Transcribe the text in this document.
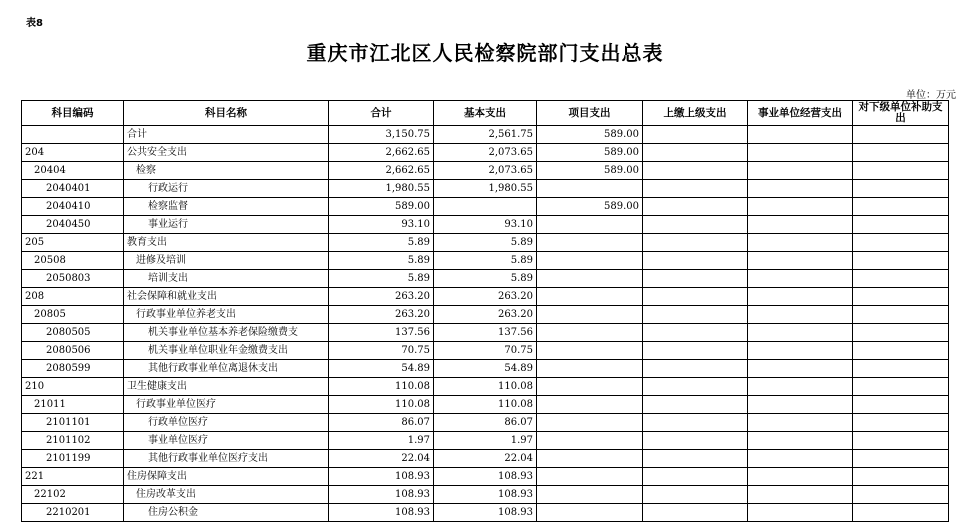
表8
重庆市江北区人民检察院部门支出总表
单位：万元
科目编码	科目名称	合计	基本支出	项目支出	上缴上级支出	事业单位经营支出	对下级单位补助支出
	合计	3,150.75	2,561.75	589.00			
204	公共安全支出	2,662.65	2,073.65	589.00			
20404	检察	2,662.65	2,073.65	589.00			
2040401	行政运行	1,980.55	1,980.55				
2040410	检察监督	589.00		589.00			
2040450	事业运行	93.10	93.10				
205	教育支出	5.89	5.89				
20508	进修及培训	5.89	5.89				
2050803	培训支出	5.89	5.89				
208	社会保障和就业支出	263.20	263.20				
20805	行政事业单位养老支出	263.20	263.20				
2080505	机关事业单位基本养老保险缴费支	137.56	137.56				
2080506	机关事业单位职业年金缴费支出	70.75	70.75				
2080599	其他行政事业单位离退休支出	54.89	54.89				
210	卫生健康支出	110.08	110.08				
21011	行政事业单位医疗	110.08	110.08				
2101101	行政单位医疗	86.07	86.07				
2101102	事业单位医疗	1.97	1.97				
2101199	其他行政事业单位医疗支出	22.04	22.04				
221	住房保障支出	108.93	108.93				
22102	住房改革支出	108.93	108.93				
2210201	住房公积金	108.93	108.93				
